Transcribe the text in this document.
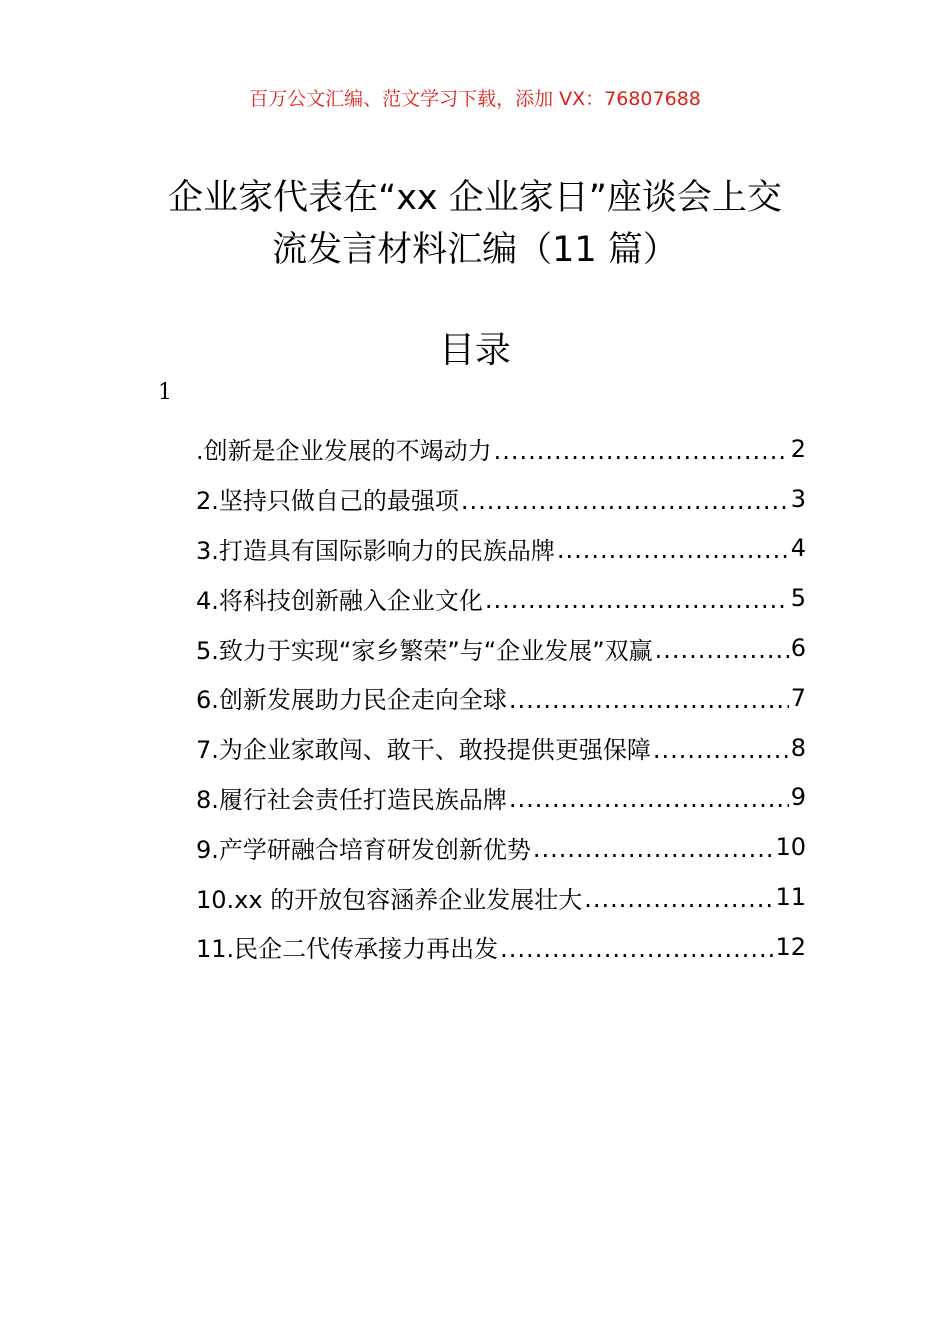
百万公文汇编、范文学习下载，添加 VX：76807688
企业家代表在“xx 企业家日”座谈会上交
流发言材料汇编（11 篇）
目录
1
.创新是企业发展的不竭动力 .....	2
2.坚持只做自己的最强项 .....	3
3.打造具有国际影响力的民族品牌 .....	4
4.将科技创新融入企业文化 .....	5
5.致力于实现“家乡繁荣”与“企业发展”双赢 .....	6
6.创新发展助力民企走向全球 .....	7
7.为企业家敢闯、敢干、敢投提供更强保障 .....	8
8.履行社会责任打造民族品牌 .....	9
9.产学研融合培育研发创新优势 .....	10
10.xx 的开放包容涵养企业发展壮大 .....	11
11.民企二代传承接力再出发 .....	12
